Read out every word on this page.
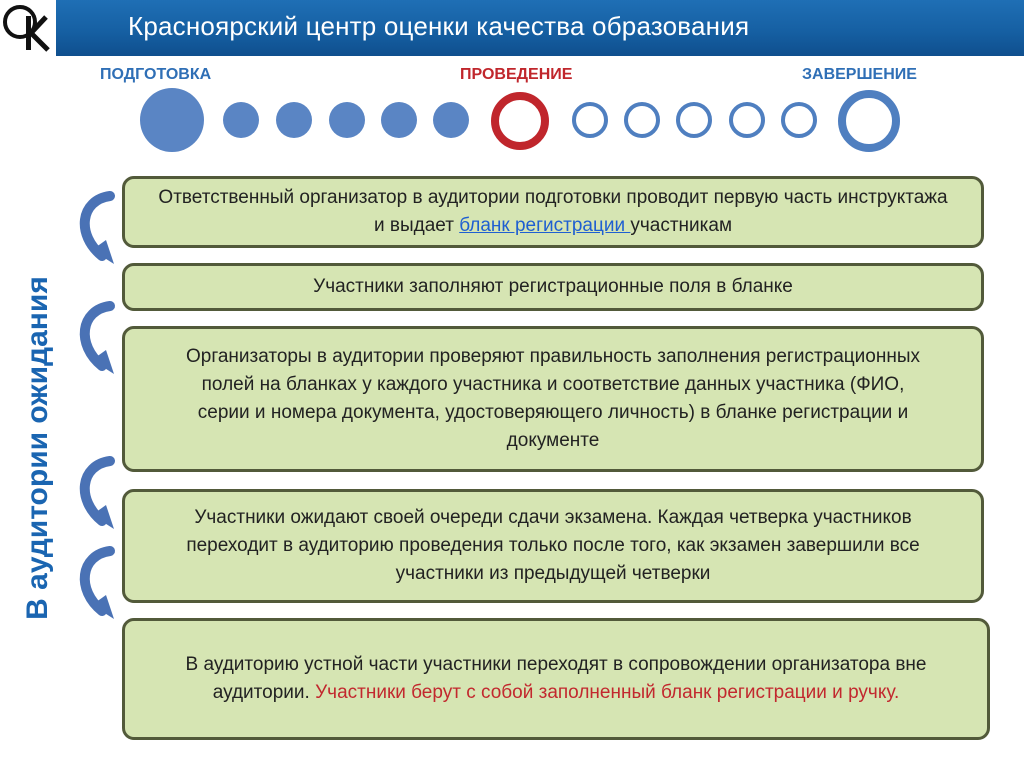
Красноярский центр оценки качества образования
ПОДГОТОВКА	ПРОВЕДЕНИЕ	ЗАВЕРШЕНИЕ
В аудитории ожидания
Ответственный организатор в аудитории подготовки проводит первую часть инструктажа и выдает бланк регистрации участникам
Участники заполняют регистрационные поля в бланке
Организаторы в аудитории проверяют правильность заполнения регистрационных полей на бланках у каждого участника и соответствие данных участника (ФИО, серии и номера документа, удостоверяющего личность) в бланке регистрации и документе
Участники ожидают своей очереди сдачи экзамена. Каждая четверка участников переходит в аудиторию проведения только после того, как экзамен завершили все участники из предыдущей четверки
В аудиторию устной части участники переходят в сопровождении организатора вне аудитории. Участники берут с собой заполненный бланк регистрации и ручку.
